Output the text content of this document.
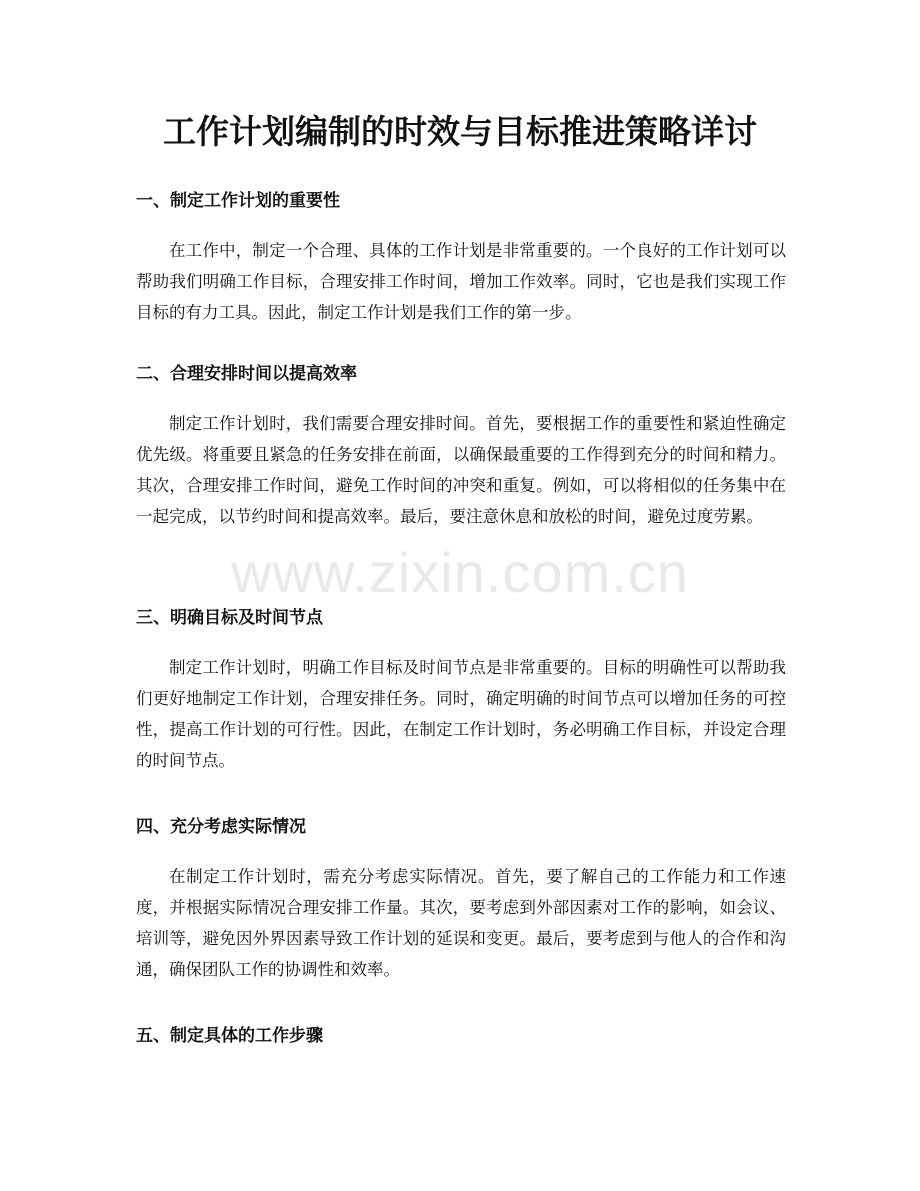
工作计划编制的时效与目标推进策略详讨
一、制定工作计划的重要性

在工作中，制定一个合理、具体的工作计划是非常重要的。一个良好的工作计划可以帮助我们明确工作目标，合理安排工作时间，增加工作效率。同时，它也是我们实现工作目标的有力工具。因此，制定工作计划是我们工作的第一步。

二、合理安排时间以提高效率

制定工作计划时，我们需要合理安排时间。首先，要根据工作的重要性和紧迫性确定优先级。将重要且紧急的任务安排在前面，以确保最重要的工作得到充分的时间和精力。其次，合理安排工作时间，避免工作时间的冲突和重复。例如，可以将相似的任务集中在一起完成，以节约时间和提高效率。最后，要注意休息和放松的时间，避免过度劳累。

三、明确目标及时间节点

制定工作计划时，明确工作目标及时间节点是非常重要的。目标的明确性可以帮助我们更好地制定工作计划，合理安排任务。同时，确定明确的时间节点可以增加任务的可控性，提高工作计划的可行性。因此，在制定工作计划时，务必明确工作目标，并设定合理的时间节点。

四、充分考虑实际情况

在制定工作计划时，需充分考虑实际情况。首先，要了解自己的工作能力和工作速度，并根据实际情况合理安排工作量。其次，要考虑到外部因素对工作的影响，如会议、培训等，避免因外界因素导致工作计划的延误和变更。最后，要考虑到与他人的合作和沟通，确保团队工作的协调性和效率。

五、制定具体的工作步骤
www.zixin.com.cn
